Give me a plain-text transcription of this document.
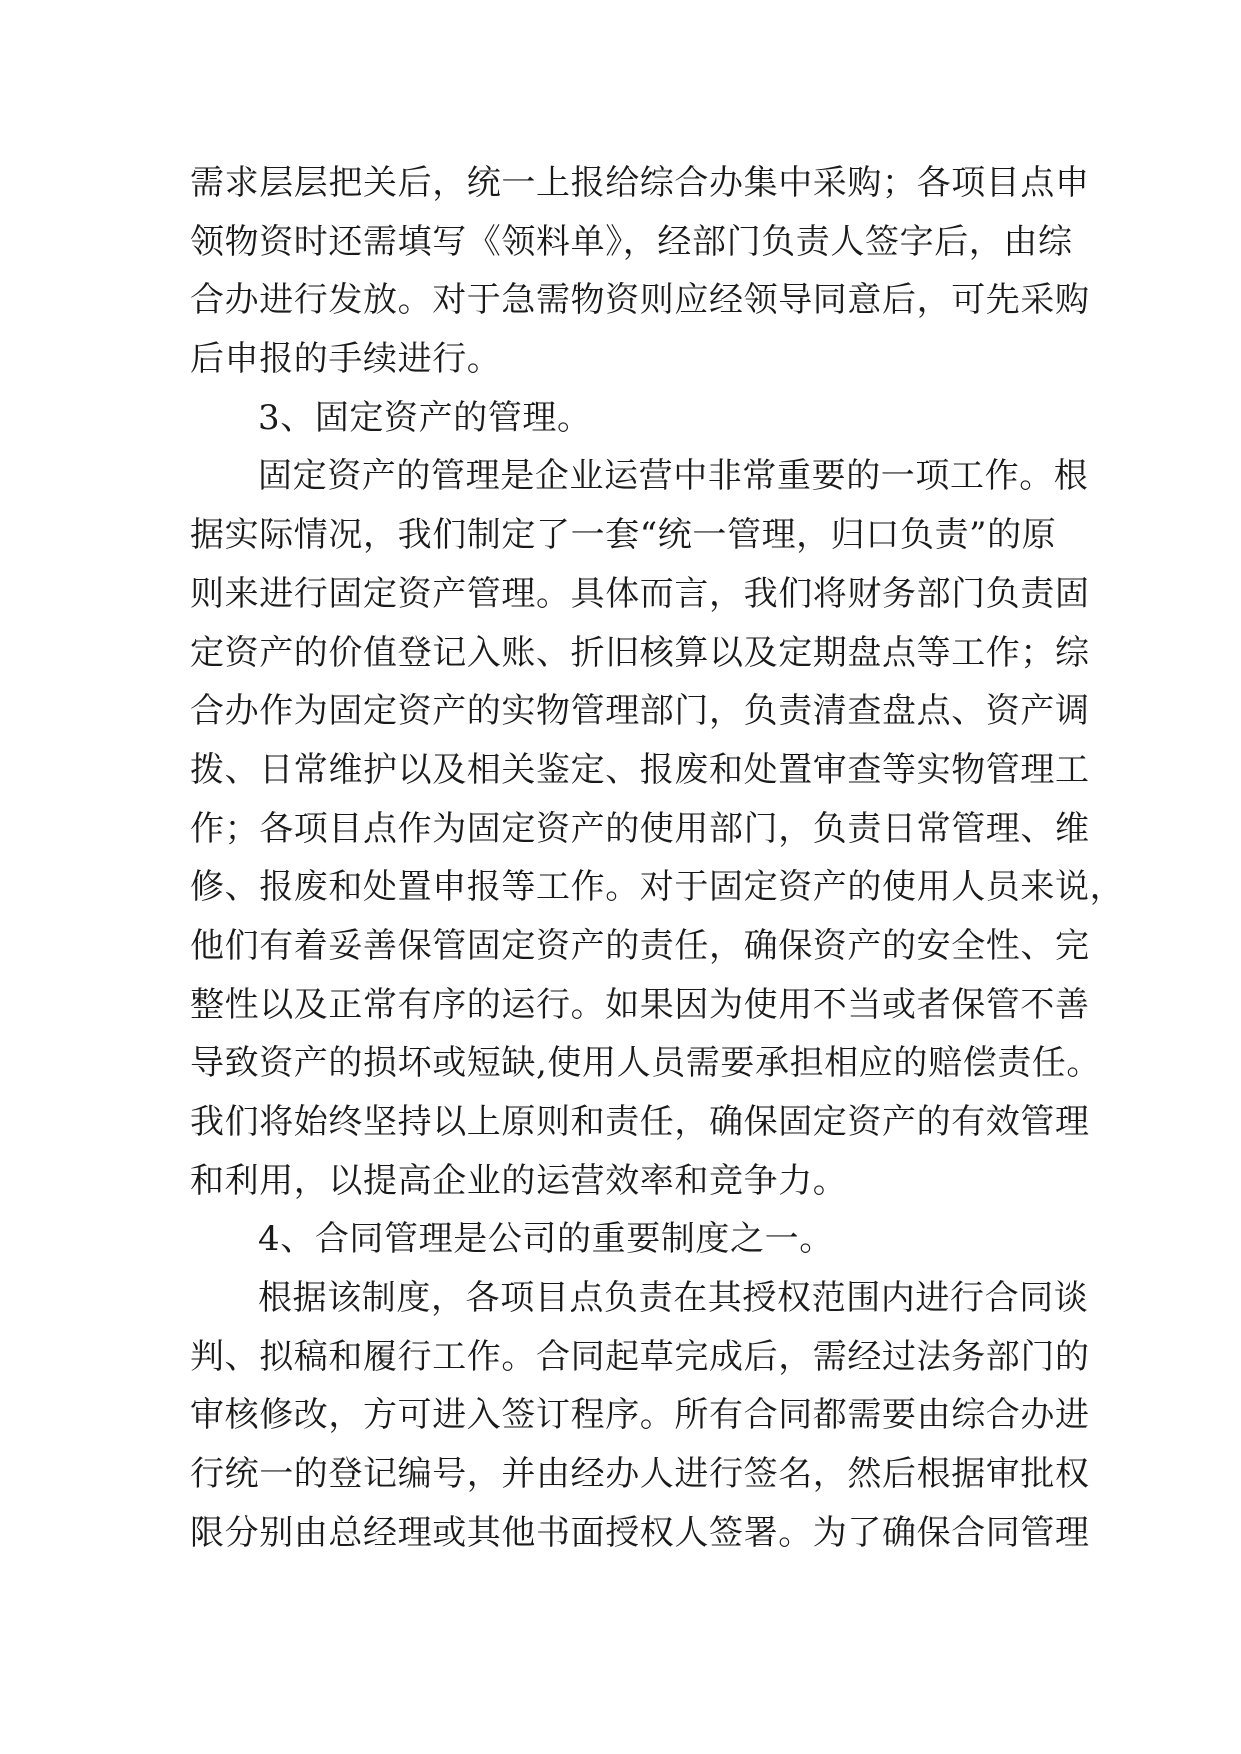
需求层层把关后，统一上报给综合办集中采购；各项目点申
领物资时还需填写《领料单》，经部门负责人签字后，由综
合办进行发放。对于急需物资则应经领导同意后，可先采购
后申报的手续进行。
3、固定资产的管理。
固定资产的管理是企业运营中非常重要的一项工作。根
据实际情况，我们制定了一套“统一管理，归口负责”的原
则来进行固定资产管理。具体而言，我们将财务部门负责固
定资产的价值登记入账、折旧核算以及定期盘点等工作；综
合办作为固定资产的实物管理部门，负责清查盘点、资产调
拨、日常维护以及相关鉴定、报废和处置审查等实物管理工
作；各项目点作为固定资产的使用部门，负责日常管理、维
修、报废和处置申报等工作。对于固定资产的使用人员来说，
他们有着妥善保管固定资产的责任，确保资产的安全性、完
整性以及正常有序的运行。如果因为使用不当或者保管不善
导致资产的损坏或短缺,使用人员需要承担相应的赔偿责任。
我们将始终坚持以上原则和责任，确保固定资产的有效管理
和利用，以提高企业的运营效率和竞争力。
4、合同管理是公司的重要制度之一。
根据该制度，各项目点负责在其授权范围内进行合同谈
判、拟稿和履行工作。合同起草完成后，需经过法务部门的
审核修改，方可进入签订程序。所有合同都需要由综合办进
行统一的登记编号，并由经办人进行签名，然后根据审批权
限分别由总经理或其他书面授权人签署。为了确保合同管理
